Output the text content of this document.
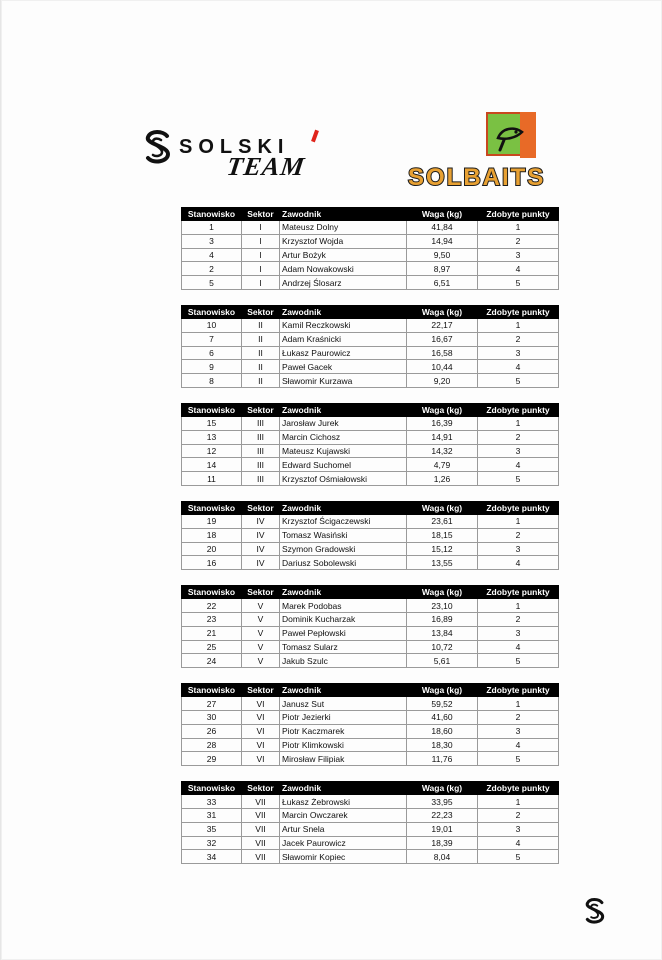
SOLSKI
TEAM	SOLBAITS
Stanowisko	Sektor	Zawodnik	Waga (kg)	Zdobyte punkty
1	I	Mateusz Dolny	41,84	1
3	I	Krzysztof Wojda	14,94	2
4	I	Artur Bożyk	9,50	3
2	I	Adam Nowakowski	8,97	4
5	I	Andrzej Ślosarz	6,51	5
Stanowisko	Sektor	Zawodnik	Waga (kg)	Zdobyte punkty
10	II	Kamil Reczkowski	22,17	1
7	II	Adam Kraśnicki	16,67	2
6	II	Łukasz Paurowicz	16,58	3
9	II	Paweł Gacek	10,44	4
8	II	Sławomir Kurzawa	9,20	5
Stanowisko	Sektor	Zawodnik	Waga (kg)	Zdobyte punkty
15	III	Jarosław Jurek	16,39	1
13	III	Marcin Cichosz	14,91	2
12	III	Mateusz Kujawski	14,32	3
14	III	Edward Suchomel	4,79	4
11	III	Krzysztof Ośmiałowski	1,26	5
Stanowisko	Sektor	Zawodnik	Waga (kg)	Zdobyte punkty
19	IV	Krzysztof Ścigaczewski	23,61	1
18	IV	Tomasz Wasiński	18,15	2
20	IV	Szymon Gradowski	15,12	3
16	IV	Dariusz Sobolewski	13,55	4
Stanowisko	Sektor	Zawodnik	Waga (kg)	Zdobyte punkty
22	V	Marek Podobas	23,10	1
23	V	Dominik Kucharzak	16,89	2
21	V	Paweł Pepłowski	13,84	3
25	V	Tomasz Sularz	10,72	4
24	V	Jakub Szulc	5,61	5
Stanowisko	Sektor	Zawodnik	Waga (kg)	Zdobyte punkty
27	VI	Janusz Sut	59,52	1
30	VI	Piotr Jezierki	41,60	2
26	VI	Piotr Kaczmarek	18,60	3
28	VI	Piotr Klimkowski	18,30	4
29	VI	Mirosław Filipiak	11,76	5
Stanowisko	Sektor	Zawodnik	Waga (kg)	Zdobyte punkty
33	VII	Łukasz Żebrowski	33,95	1
31	VII	Marcin Owczarek	22,23	2
35	VII	Artur Snela	19,01	3
32	VII	Jacek Paurowicz	18,39	4
34	VII	Sławomir Kopiec	8,04	5
